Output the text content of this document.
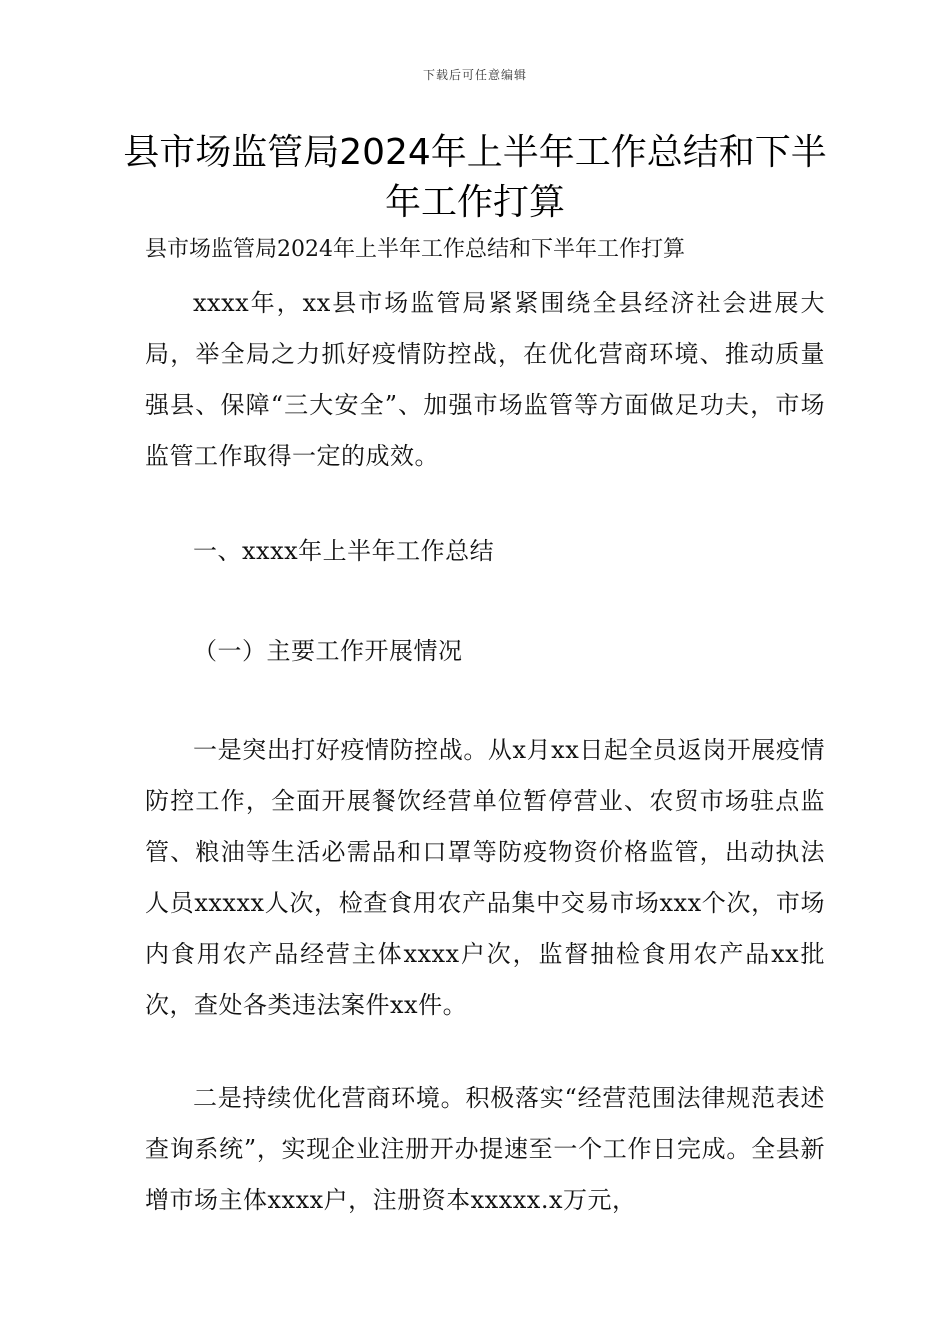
下载后可任意编辑
县市场监管局2024年上半年工作总结和下半年工作打算

县市场监管局2024年上半年工作总结和下半年工作打算

xxxx年，xx县市场监管局紧紧围绕全县经济社会进展大局，举全局之力抓好疫情防控战，在优化营商环境、推动质量强县、保障“三大安全”、加强市场监管等方面做足功夫，市场监管工作取得一定的成效。

一、xxxx年上半年工作总结

（一）主要工作开展情况

一是突出打好疫情防控战。从x月xx日起全员返岗开展疫情防控工作，全面开展餐饮经营单位暂停营业、农贸市场驻点监管、粮油等生活必需品和口罩等防疫物资价格监管，出动执法人员xxxxx人次，检查食用农产品集中交易市场xxx个次，市场内食用农产品经营主体xxxx户次，监督抽检食用农产品xx批次，查处各类违法案件xx件。

二是持续优化营商环境。积极落实“经营范围法律规范表述查询系统”，实现企业注册开办提速至一个工作日完成。全县新增市场主体xxxx户，注册资本xxxxx.x万元，
